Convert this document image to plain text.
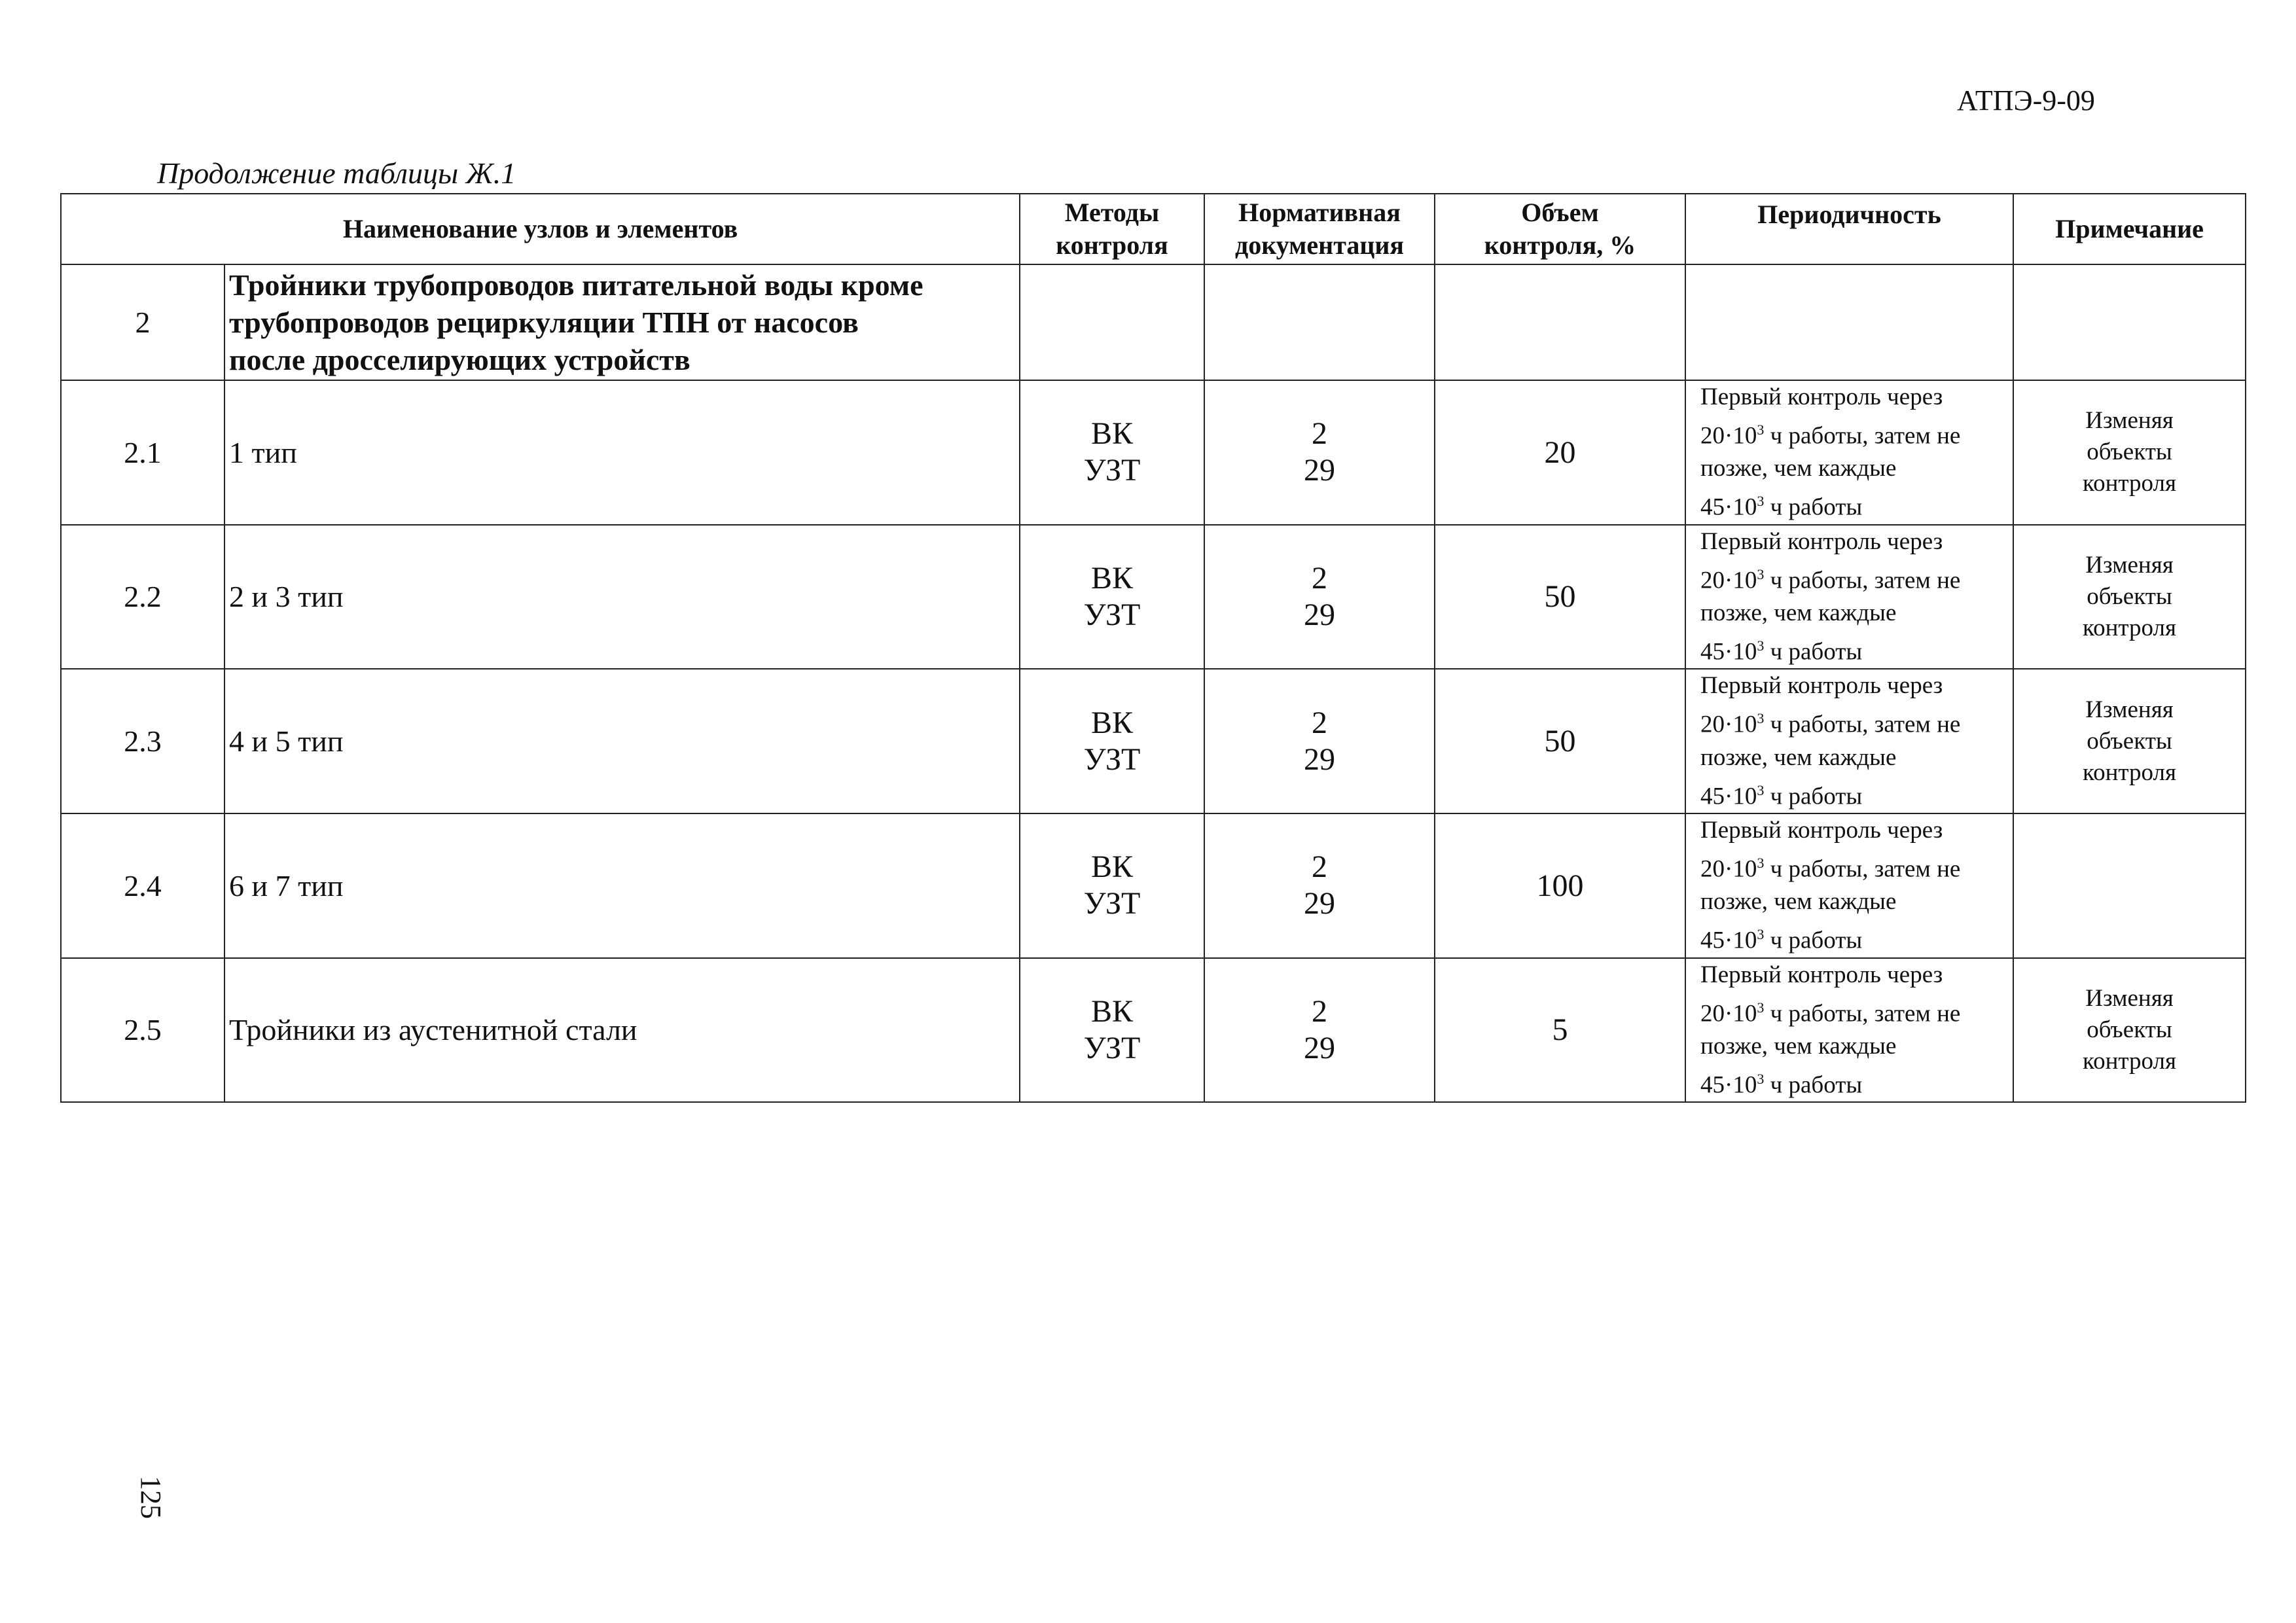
АТПЭ-9-09
Продолжение таблицы Ж.1
Наименование узлов и элементов		Методы
контроля	Нормативная
документация	Объем
контроля, %	Периодичность	Примечание
2	Тройники трубопроводов питательной воды кроме
трубопроводов рециркуляции ТПН от насосов
после дросселирующих устройств					

2.1	1 тип	ВК
УЗТ	2
29	20	Первый контроль через
$20\cdot 10^3$ ч работы, затем не
позже, чем каждые
$45\cdot 10^3$ ч работы	Изменяя
объекты
контроля

2.2	2 и 3 тип	ВК
УЗТ	2
29	50	Первый контроль через
$20\cdot 10^3$ ч работы, затем не
позже, чем каждые
$45\cdot 10^3$ ч работы	Изменяя
объекты
контроля

2.3	4 и 5 тип	ВК
УЗТ	2
29	50	Первый контроль через
$20\cdot 10^3$ ч работы, затем не
позже, чем каждые
$45\cdot 10^3$ ч работы	Изменяя
объекты
контроля

2.4	6 и 7 тип	ВК
УЗТ	2
29	100	Первый контроль через
$20\cdot 10^3$ ч работы, затем не
позже, чем каждые
$45\cdot 10^3$ ч работы	

2.5	Тройники из аустенитной стали	ВК
УЗТ	2
29	5	Первый контроль через
$20\cdot 10^3$ ч работы, затем не
позже, чем каждые
$45\cdot 10^3$ ч работы	Изменяя
объекты
контроля
125
